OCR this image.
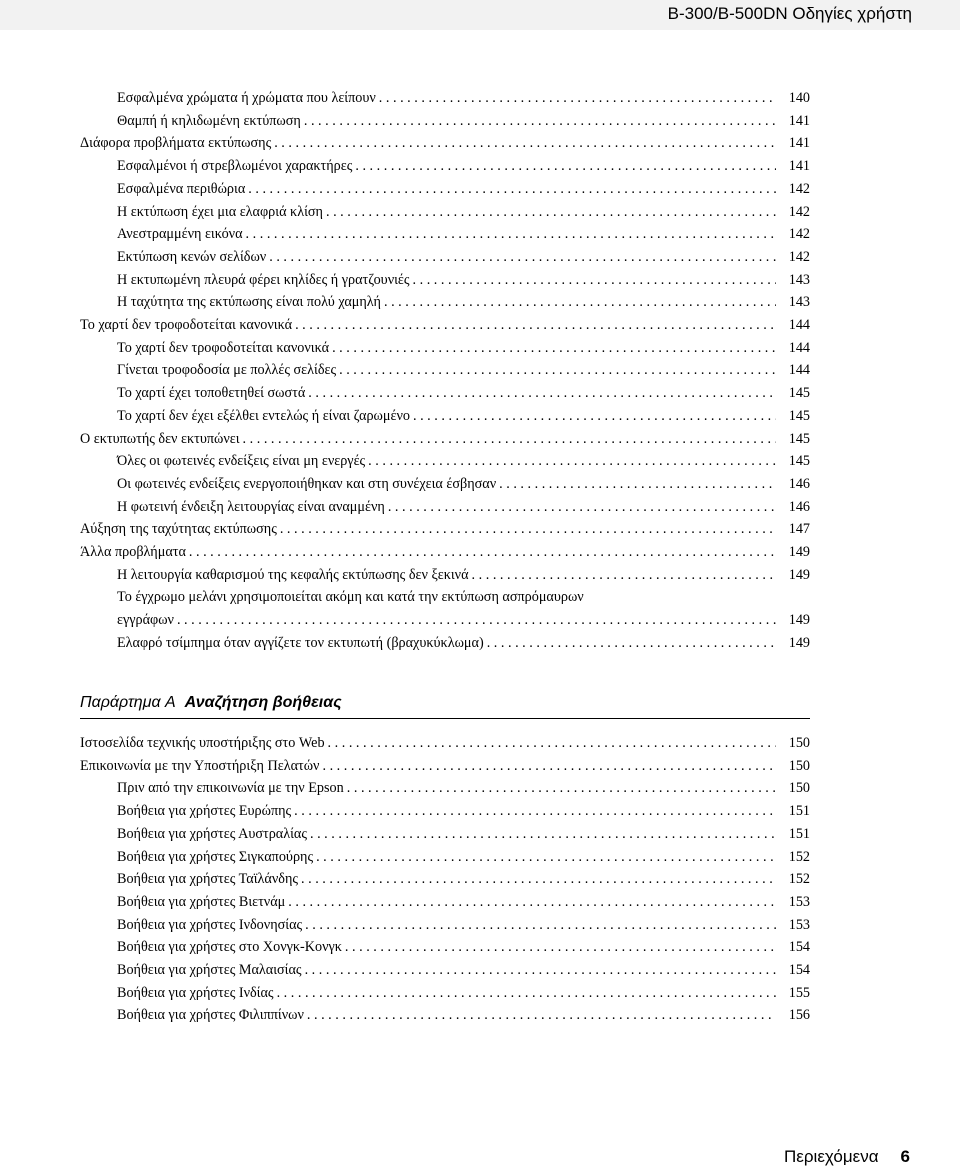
B-300/B-500DN Οδηγίες χρήστη
Εσφαλμένα χρώματα ή χρώματα που λείπουν . . .	140
Θαμπή ή κηλιδωμένη εκτύπωση . . .	141
Διάφορα προβλήματα εκτύπωσης . . .	141
Εσφαλμένοι ή στρεβλωμένοι χαρακτήρες . . .	141
Εσφαλμένα περιθώρια . . .	142
Η εκτύπωση έχει μια ελαφριά κλίση . . .	142
Ανεστραμμένη εικόνα . . .	142
Εκτύπωση κενών σελίδων . . .	142
Η εκτυπωμένη πλευρά φέρει κηλίδες ή γρατζουνιές . . .	143
Η ταχύτητα της εκτύπωσης είναι πολύ χαμηλή . . .	143
Το χαρτί δεν τροφοδοτείται κανονικά . . .	144
Το χαρτί δεν τροφοδοτείται κανονικά . . .	144
Γίνεται τροφοδοσία με πολλές σελίδες . . .	144
Το χαρτί έχει τοποθετηθεί σωστά . . .	145
Το χαρτί δεν έχει εξέλθει εντελώς ή είναι ζαρωμένο . . .	145
Ο εκτυπωτής δεν εκτυπώνει . . .	145
Όλες οι φωτεινές ενδείξεις είναι μη ενεργές . . .	145
Οι φωτεινές ενδείξεις ενεργοποιήθηκαν και στη συνέχεια έσβησαν . . .	146
Η φωτεινή ένδειξη λειτουργίας είναι αναμμένη . . .	146
Αύξηση της ταχύτητας εκτύπωσης . . .	147
Άλλα προβλήματα . . .	149
Η λειτουργία καθαρισμού της κεφαλής εκτύπωσης δεν ξεκινά . . .	149
Το έγχρωμο μελάνι χρησιμοποιείται ακόμη και κατά την εκτύπωση ασπρόμαυρων
εγγράφων . . .	149
Ελαφρό τσίμπημα όταν αγγίζετε τον εκτυπωτή (βραχυκύκλωμα) . . .	149
Ιστοσελίδα τεχνικής υποστήριξης στο Web . . .	150
Επικοινωνία με την Υποστήριξη Πελατών . . .	150
Πριν από την επικοινωνία με την Epson . . .	150
Βοήθεια για χρήστες Ευρώπης . . .	151
Βοήθεια για χρήστες Αυστραλίας . . .	151
Βοήθεια για χρήστες Σιγκαπούρης . . .	152
Βοήθεια για χρήστες Ταϊλάνδης . . .	152
Βοήθεια για χρήστες Βιετνάμ . . .	153
Βοήθεια για χρήστες Ινδονησίας . . .	153
Βοήθεια για χρήστες στο Χονγκ-Κονγκ . . .	154
Βοήθεια για χρήστες Μαλαισίας . . .	154
Βοήθεια για χρήστες Ινδίας . . .	155
Βοήθεια για χρήστες Φιλιππίνων . . .	156
Παράρτημα A Αναζήτηση βοήθειας
Περιεχόμενα 6
